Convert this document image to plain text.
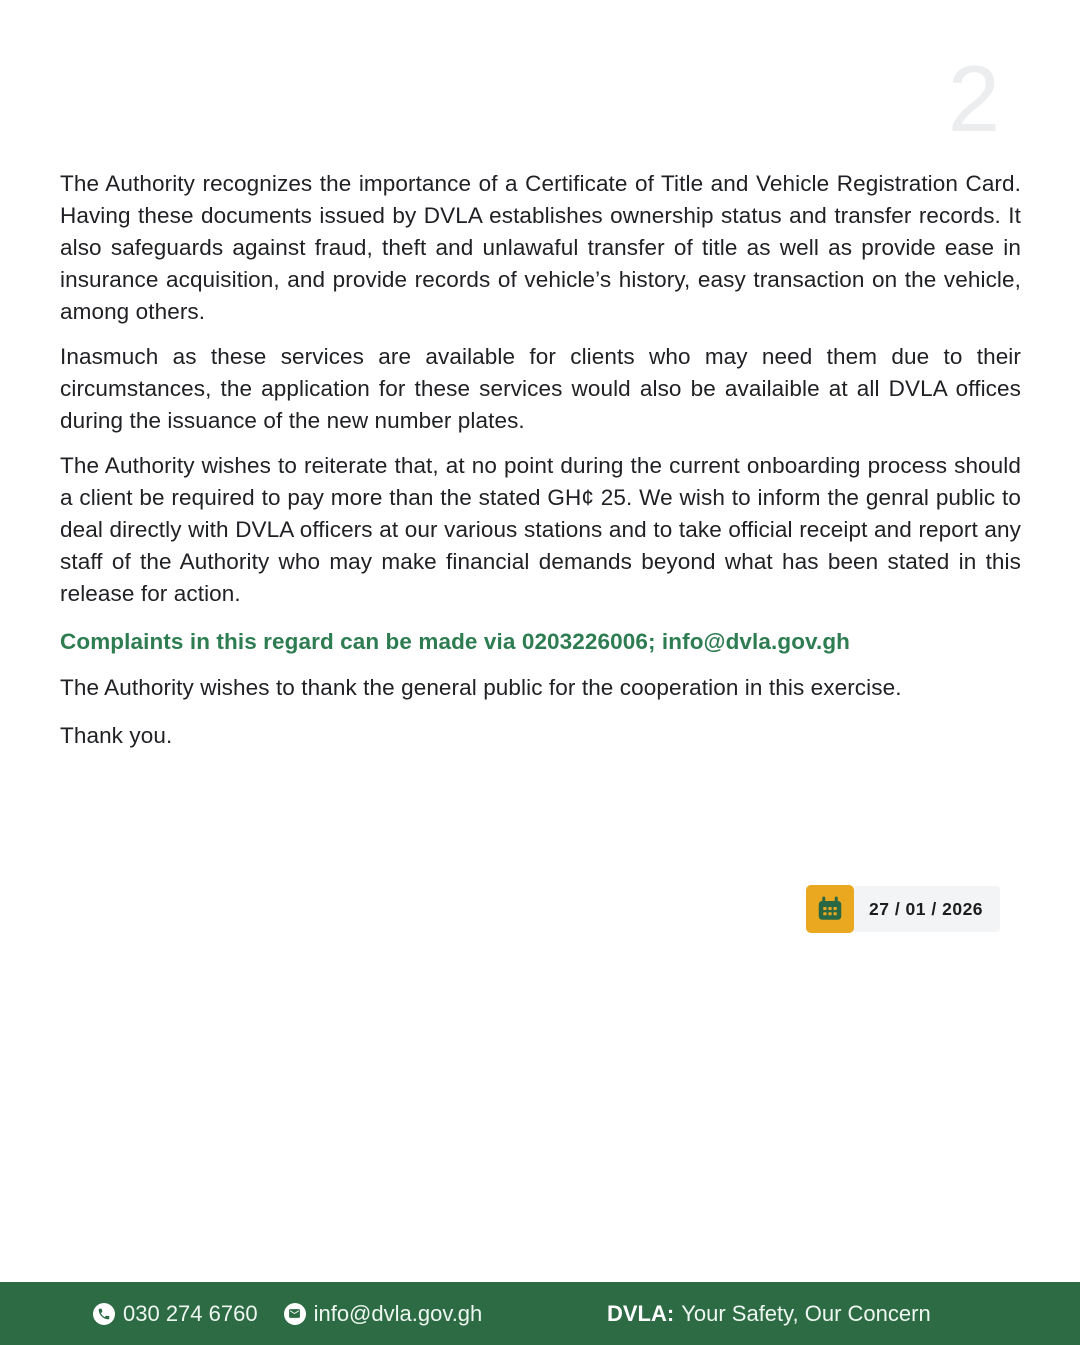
2

The Authority recognizes the importance of a Certificate of Title and Vehicle Registration Card. Having these documents issued by DVLA establishes ownership status and transfer records. It also safeguards against fraud, theft and unlawaful transfer of title as well as provide ease in insurance acquisition, and provide records of vehicle’s history, easy transaction on the vehicle, among others.

Inasmuch as these services are available for clients who may need them due to their circumstances, the application for these services would also be availaible at all DVLA offices during the issuance of the new number plates.

The Authority wishes to reiterate that, at no point during the current onboarding process should a client be required to pay more than the stated GH¢ 25. We wish to inform the genral public to deal directly with DVLA officers at our various stations and to take official receipt and report any staff of the Authority who may make financial demands beyond what has been stated in this release for action.

Complaints in this regard can be made via 0203226006; info@dvla.gov.gh

The Authority wishes to thank the general public for the cooperation in this exercise.

Thank you.

27 / 01 / 2026
030 274 6760	info@dvla.gov.gh	DVLA: Your Safety, Our Concern
